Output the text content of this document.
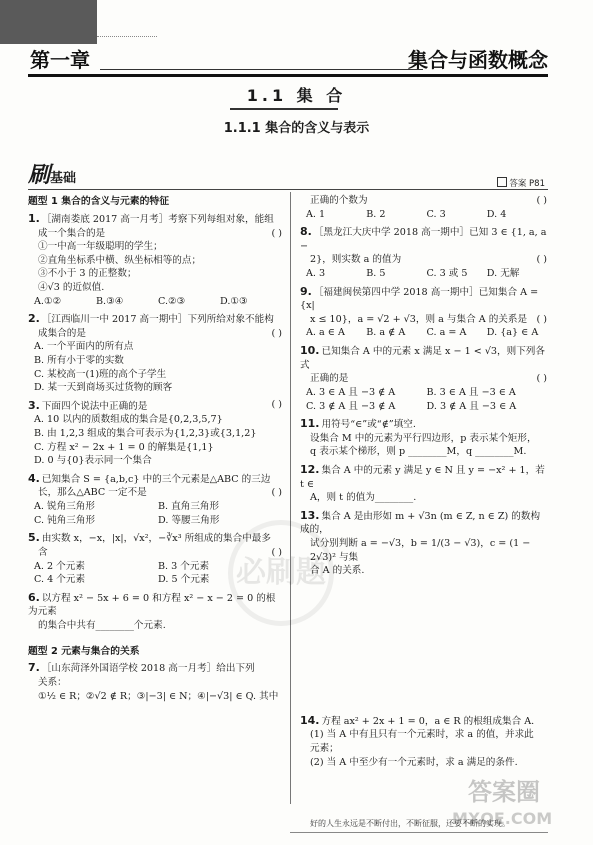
第一章	集合与函数概念
1.1 集 合
1.1.1 集合的含义与表示
刷基础	答案 P81
必刷题
题型 1 集合的含义与元素的特征
1. ［湖南娄底 2017 高一月考］考察下列每组对象，能组
成一个集合的是	( )
①一中高一年级聪明的学生；
②直角坐标系中横、纵坐标相等的点；
③不小于 3 的正整数；
④√3 的近似值.
A.①②	B.③④	C.②③	D.①③
2. ［江西临川一中 2017 高一期中］下列所给对象不能构
成集合的是	( )
A. 一个平面内的所有点
B. 所有小于零的实数
C. 某校高一(1)班的高个子学生
D. 某一天到商场买过货物的顾客
3. 下面四个说法中正确的是	( )
A. 10 以内的质数组成的集合是{0,2,3,5,7}
B. 由 1,2,3 组成的集合可表示为{1,2,3}或{3,1,2}
C. 方程 x² − 2x + 1 = 0 的解集是{1,1}
D. 0 与{0}表示同一个集合
4. 已知集合 S = {a,b,c} 中的三个元素是△ABC 的三边
长，那么△ABC 一定不是	( )
A. 锐角三角形	B. 直角三角形
C. 钝角三角形	D. 等腰三角形
5. 由实数 x，−x，|x|，√x²，−∛x³ 所组成的集合中最多
含	( )
A. 2 个元素	B. 3 个元素
C. 4 个元素	D. 5 个元素
6. 以方程 x² − 5x + 6 = 0 和方程 x² − x − 2 = 0 的根为元素
的集合中共有________个元素.
题型 2 元素与集合的关系
7. ［山东菏泽外国语学校 2018 高一月考］给出下列
关系：
①½ ∈ R；②√2 ∉ R；③|−3| ∈ N；④|−√3| ∈ Q. 其中
正确的个数为	( )
A. 1	B. 2	C. 3	D. 4
8. ［黑龙江大庆中学 2018 高一期中］已知 3 ∈ {1, a, a −
2}，则实数 a 的值为	( )
A. 3	B. 5	C. 3 或 5	D. 无解
9. ［福建闽侯第四中学 2018 高一期中］已知集合 A = {x|
x ≤ 10}，a = √2 + √3，则 a 与集合 A 的关系是 ( )
A. a ∈ A	B. a ∉ A	C. a = A	D. {a} ∈ A
10. 已知集合 A 中的元素 x 满足 x − 1 < √3，则下列各式
正确的是	( )
A. 3 ∈ A 且 −3 ∉ A	B. 3 ∈ A 且 −3 ∈ A
C. 3 ∉ A 且 −3 ∉ A	D. 3 ∉ A 且 −3 ∈ A
11. 用符号“∈”或“∉”填空.
设集合 M 中的元素为平行四边形，p 表示某个矩形，
q 表示某个梯形，则 p ________M，q ________M.
12. 集合 A 中的元素 y 满足 y ∈ N 且 y = −x² + 1，若 t ∈
A，则 t 的值为________.
13. 集合 A 是由形如 m + √3n (m ∈ Z, n ∈ Z) 的数构成的，
试分别判断 a = −√3，b = 1/(3 − √3)，c = (1 − 2√3)² 与集
合 A 的关系.
14. 方程 ax² + 2x + 1 = 0，a ∈ R 的根组成集合 A.
(1) 当 A 中有且只有一个元素时，求 a 的值，并求此
元素；
(2) 当 A 中至少有一个元素时，求 a 满足的条件.
好的人生永远是不断付出，不断征服，还要不断的实现。
答案圈
MXQE.COM
